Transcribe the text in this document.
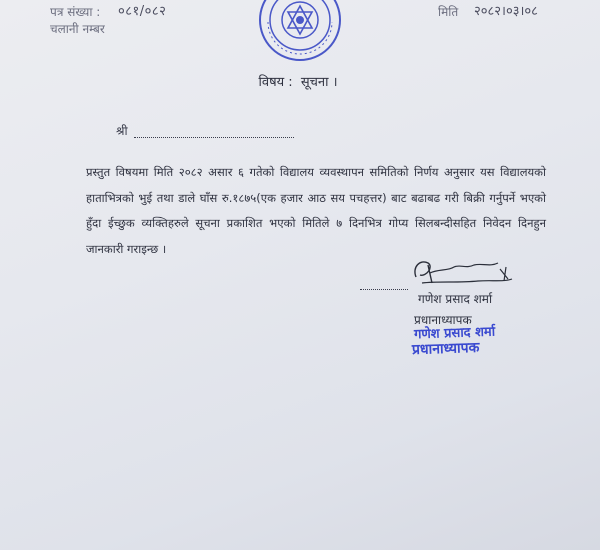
पत्र संख्या : ०८१/०८२
चलानी नम्बर
मिति २०८२।०३।०८
विषय : सूचना ।
श्री
प्रस्तुत विषयमा मिति २०८२ असार ६ गतेको विद्यालय व्यवस्थापन समितिको निर्णय अनुसार यस विद्यालयको हाताभित्रको भुई तथा डाले घाँस रु.१८७५(एक हजार आठ सय पचहत्तर) बाट बढाबढ गरी बिक्री गर्नुपर्ने भएको हुँदा ईच्छुक व्यक्तिहरुले सूचना प्रकाशित भएको मितिले ७ दिनभित्र गोप्य सिलबन्दीसहित निवेदन दिनहुन जानकारी गराइन्छ ।
गणेश प्रसाद शर्मा
प्रधानाध्यापक
गणेश प्रसाद शर्मा
प्रधानाध्यापक
